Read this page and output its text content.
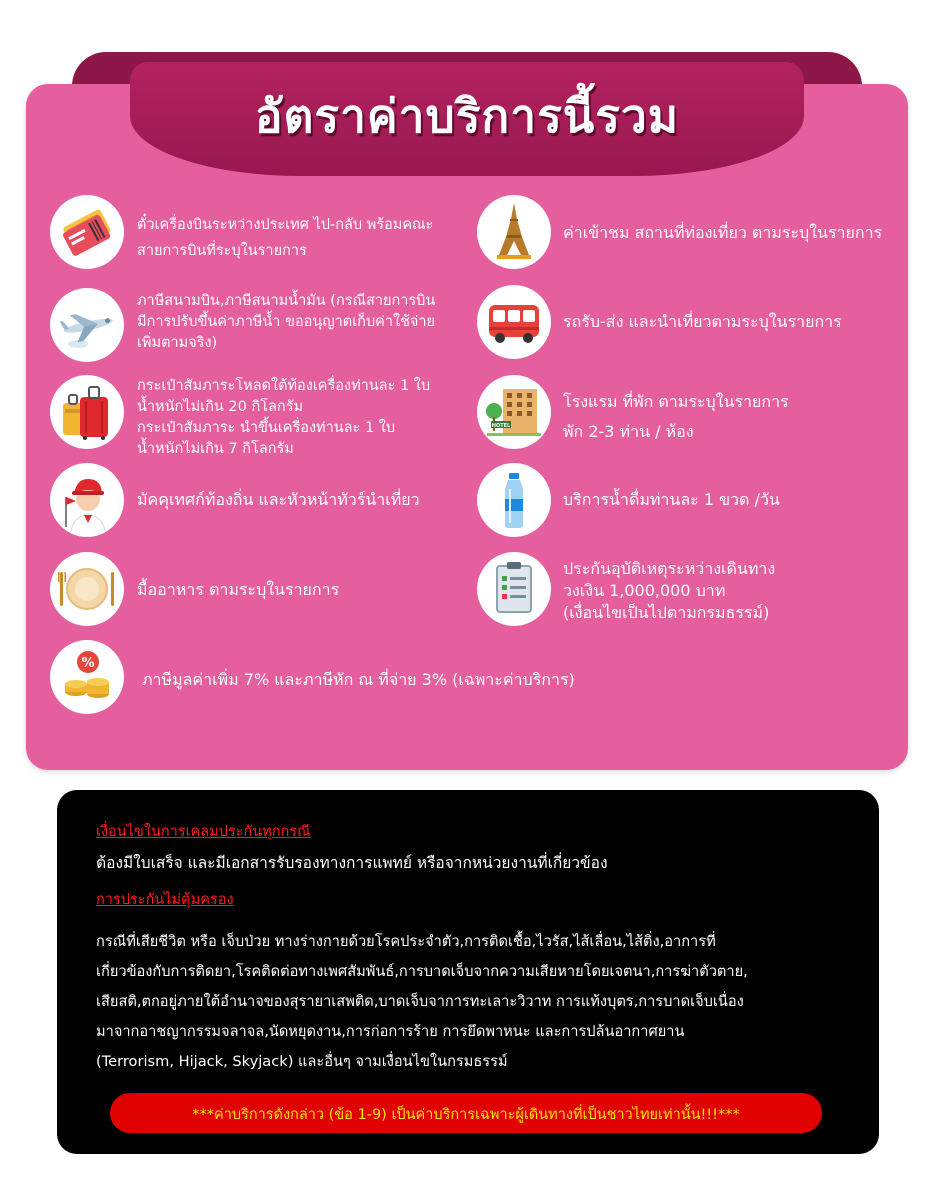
อัตราค่าบริการนี้รวม
ตั๋วเครื่องบินระหว่างประเทศ ไป-กลับ พร้อมคณะ
สายการบินที่ระบุในรายการ
ภาษีสนามบิน,ภาษีสนามน้ำมัน (กรณีสายการบิน
มีการปรับขึ้นค่าภาษีน้ำ ขออนุญาตเก็บค่าใช้จ่าย
เพิ่มตามจริง)
กระเป๋าสัมภาระโหลดใต้ท้องเครื่องท่านละ 1 ใบ
น้ำหนักไม่เกิน 20 กิโลกรัม
กระเป๋าสัมภาระ นำขึ้นเครื่องท่านละ 1 ใบ
น้ำหนักไม่เกิน 7 กิโลกรัม
มัคคุเทศก์ท้องถิ่น และหัวหน้าทัวร์นำเที่ยว
มื้ออาหาร ตามระบุในรายการ
%
ภาษีมูลค่าเพิ่ม 7% และภาษีหัก ณ ที่จ่าย 3% (เฉพาะค่าบริการ)
ค่าเข้าชม สถานที่ท่องเที่ยว ตามระบุในรายการ
รถรับ-ส่ง และนำเที่ยวตามระบุในรายการ
HOTEL
โรงแรม ที่พัก ตามระบุในรายการ
พัก 2-3 ท่าน / ห้อง
บริการน้ำดื่มท่านละ 1 ขวด /วัน
ประกันอุบัติเหตุระหว่างเดินทาง
วงเงิน 1,000,000 บาท
(เงื่อนไขเป็นไปตามกรมธรรม์)
เงื่อนไขในการเคลมประกันทุกกรณี
ต้องมีใบเสร็จ และมีเอกสารรับรองทางการแพทย์ หรือจากหน่วยงานที่เกี่ยวข้อง
การประกันไม่คุ้มครอง
กรณีที่เสียชีวิต หรือ เจ็บป่วย ทางร่างกายด้วยโรคประจำตัว,การติดเชื้อ,ไวรัส,ไส้เลื่อน,ไส้ติ่ง,อาการที่
เกี่ยวข้องกับการติดยา,โรคติดต่อทางเพศสัมพันธ์,การบาดเจ็บจากความเสียหายโดยเจตนา,การฆ่าตัวตาย,
เสียสติ,ตกอยู่ภายใต้อำนาจของสุรายาเสพติด,บาดเจ็บจาการทะเลาะวิวาท การแท้งบุตร,การบาดเจ็บเนื่อง
มาจากอาชญากรรมจลาจล,นัดหยุดงาน,การก่อการร้าย การยึดพาหนะ และการปล้นอากาศยาน
(Terrorism, Hijack, Skyjack) และอื่นๆ จามเงื่อนไขในกรมธรรม์
***ค่าบริการดังกล่าว (ข้อ 1-9) เป็นค่าบริการเฉพาะผู้เดินทางที่เป็นชาวไทยเท่านั้น!!!***
